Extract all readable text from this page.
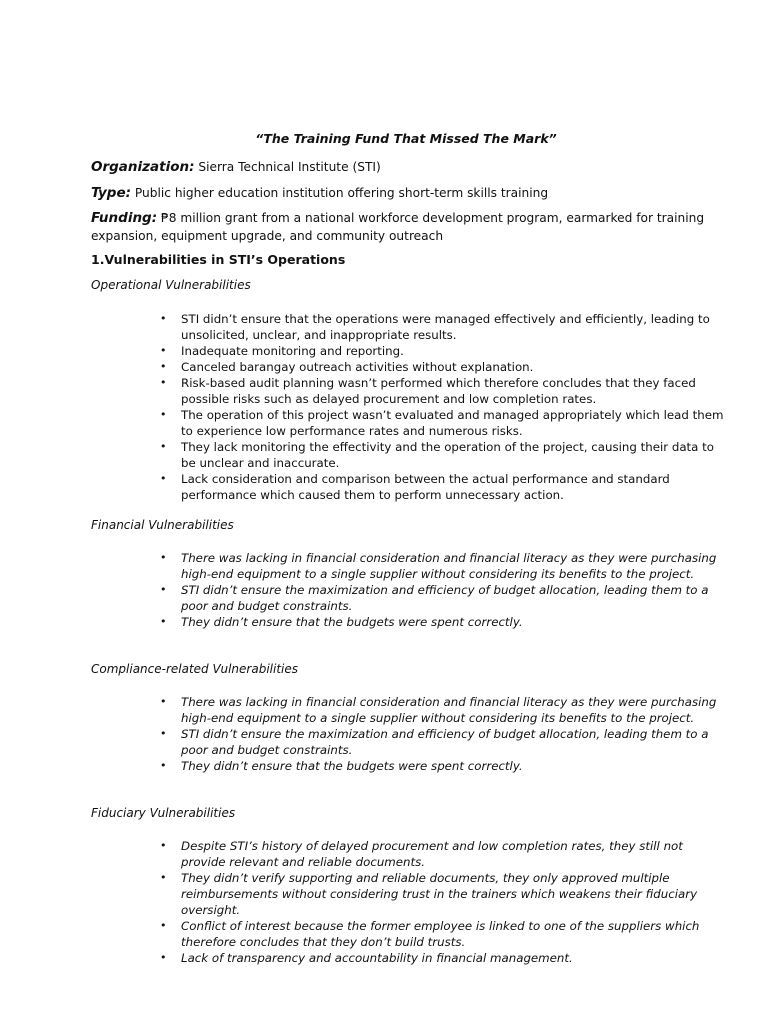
“The Training Fund That Missed The Mark”
Organization: Sierra Technical Institute (STI)
Type: Public higher education institution offering short-term skills training
Funding: ₱8 million grant from a national workforce development program, earmarked for training expansion, equipment upgrade, and community outreach
1.Vulnerabilities in STI’s Operations
Operational Vulnerabilities
•	STI didn’t ensure that the operations were managed effectively and efficiently, leading to unsolicited, unclear, and inappropriate results.
•	Inadequate monitoring and reporting.
•	Canceled barangay outreach activities without explanation.
•	Risk-based audit planning wasn’t performed which therefore concludes that they faced possible risks such as delayed procurement and low completion rates.
•	The operation of this project wasn’t evaluated and managed appropriately which lead them to experience low performance rates and numerous risks.
•	They lack monitoring the effectivity and the operation of the project, causing their data to be unclear and inaccurate.
•	Lack consideration and comparison between the actual performance and standard performance which caused them to perform unnecessary action.
Financial Vulnerabilities
•	There was lacking in financial consideration and financial literacy as they were purchasing high-end equipment to a single supplier without considering its benefits to the project.
•	STI didn’t ensure the maximization and efficiency of budget allocation, leading them to a poor and budget constraints.
•	They didn’t ensure that the budgets were spent correctly.
Compliance-related Vulnerabilities
•	There was lacking in financial consideration and financial literacy as they were purchasing high-end equipment to a single supplier without considering its benefits to the project.
•	STI didn’t ensure the maximization and efficiency of budget allocation, leading them to a poor and budget constraints.
•	They didn’t ensure that the budgets were spent correctly.
Fiduciary Vulnerabilities
•	Despite STI’s history of delayed procurement and low completion rates, they still not provide relevant and reliable documents.
•	They didn’t verify supporting and reliable documents, they only approved multiple reimbursements without considering trust in the trainers which weakens their fiduciary oversight.
•	Conflict of interest because the former employee is linked to one of the suppliers which therefore concludes that they don’t build trusts.
•	Lack of transparency and accountability in financial management.
